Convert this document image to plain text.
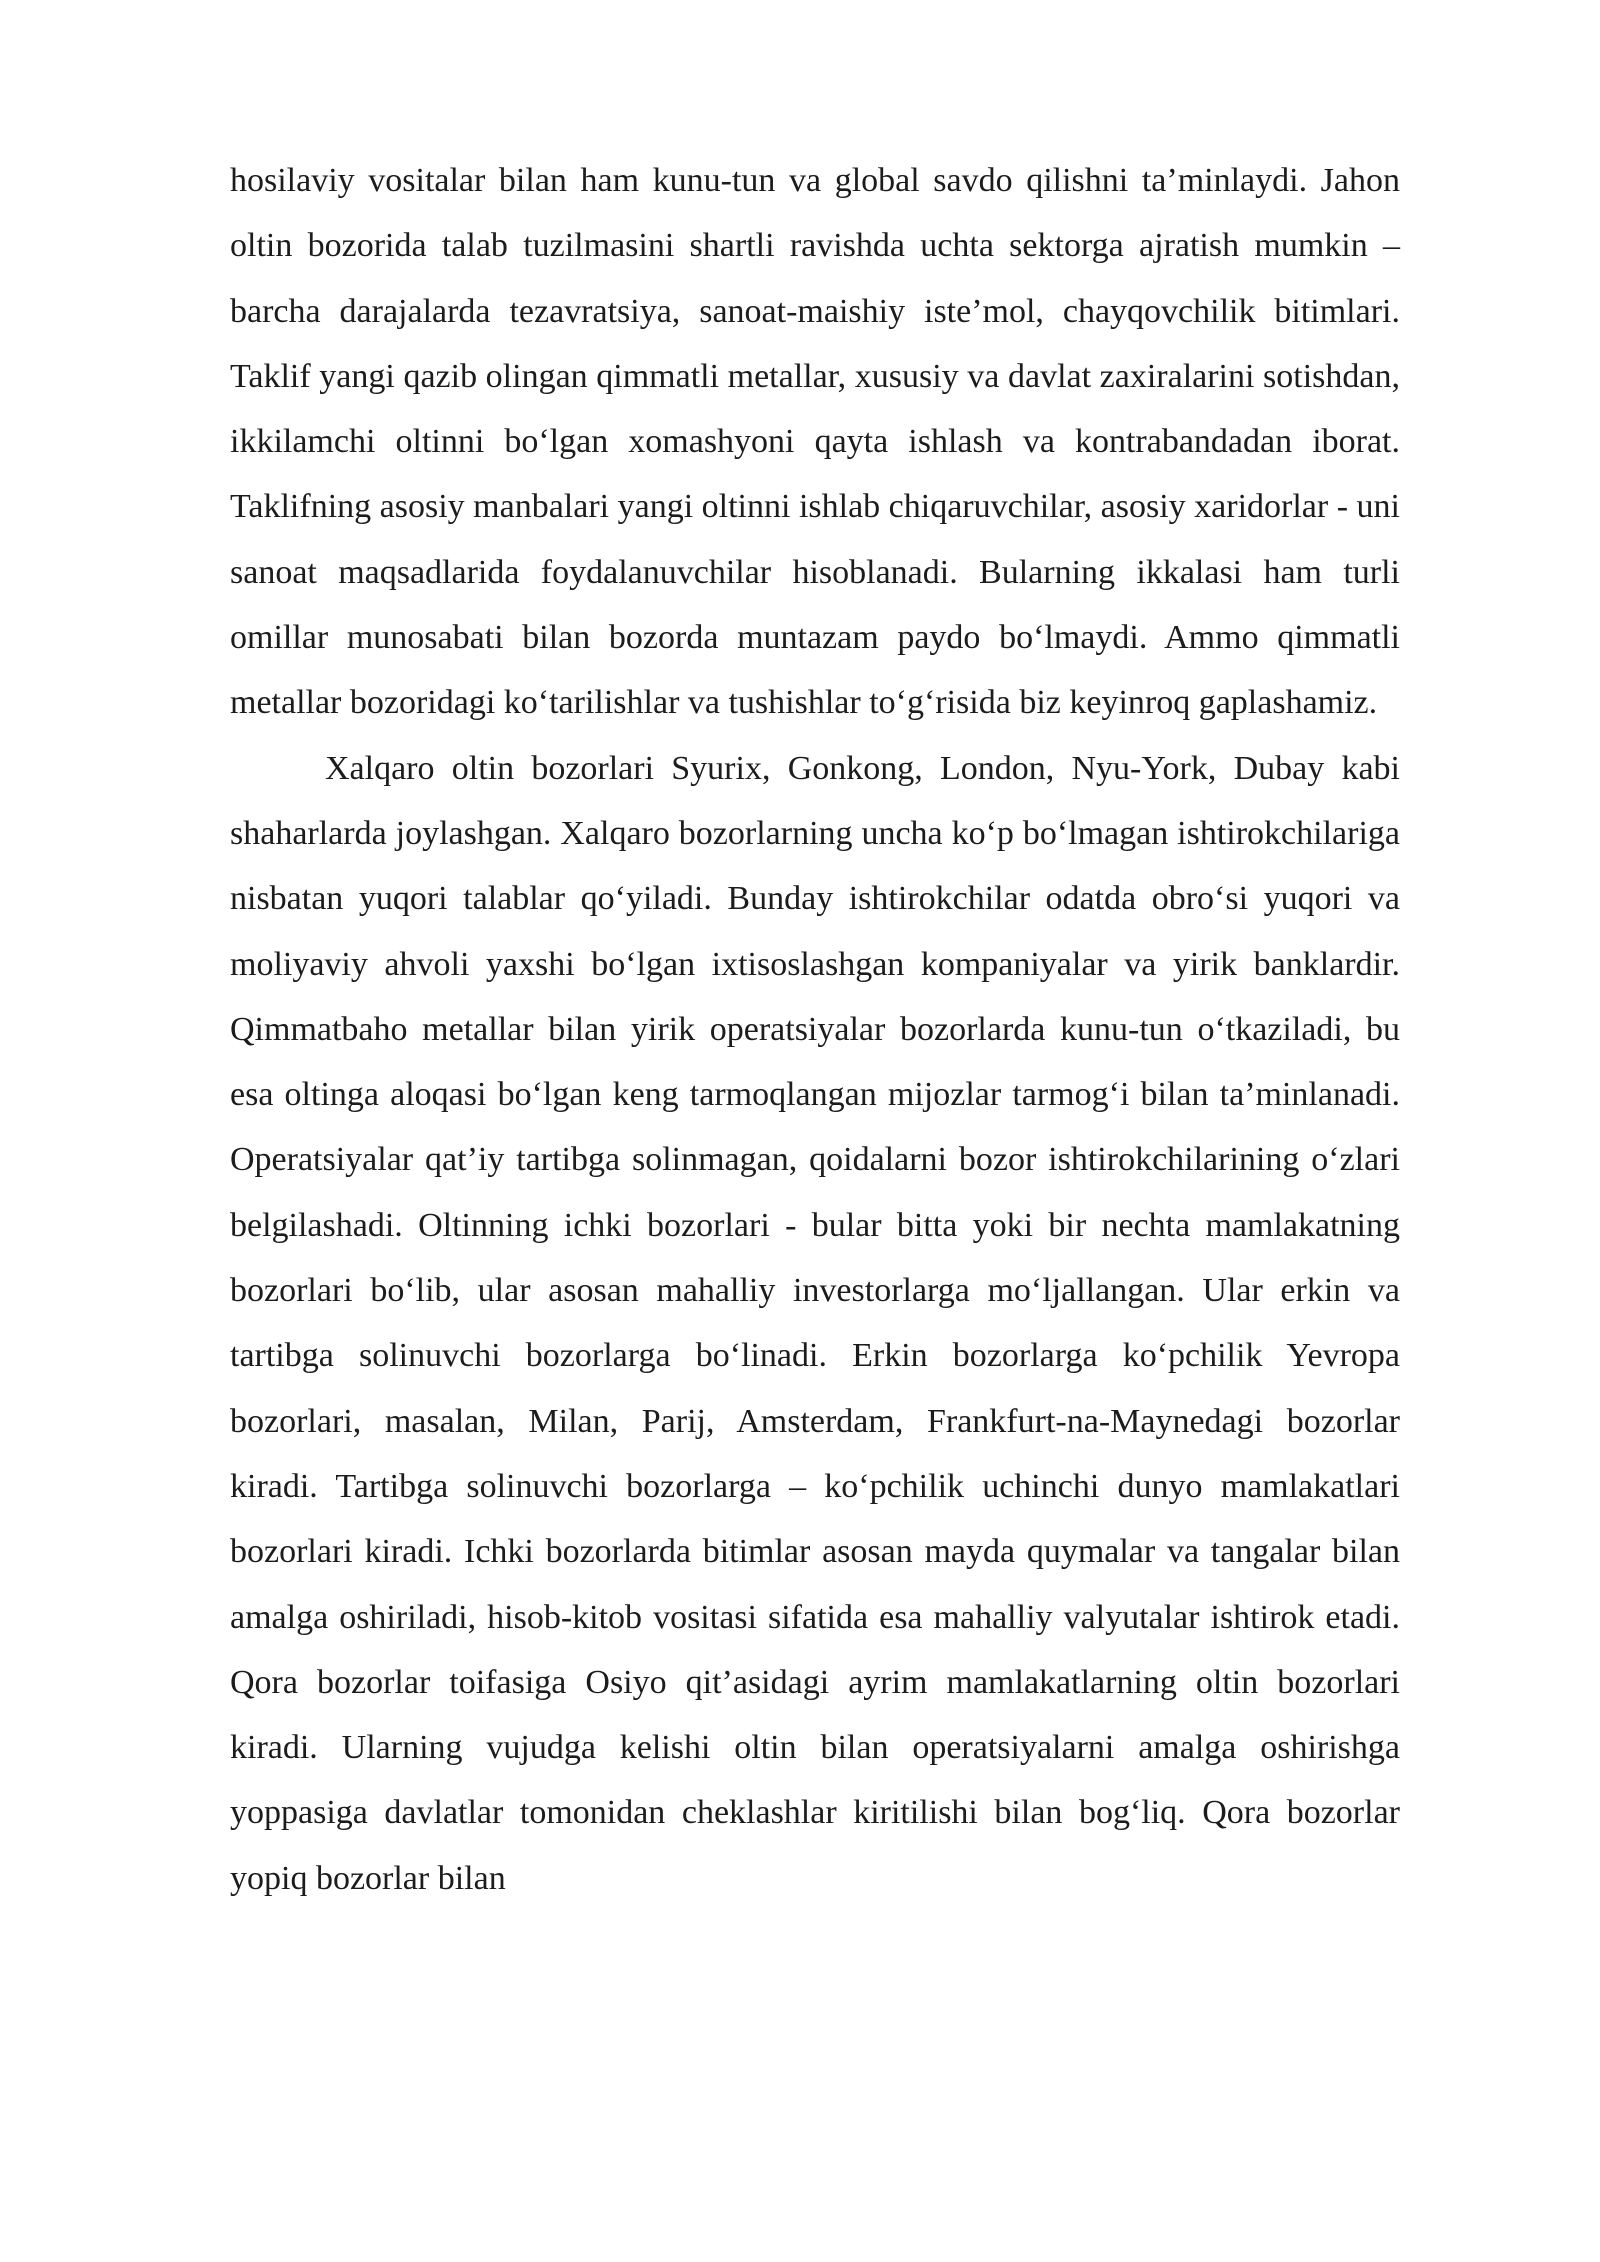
hosilaviy vositalar bilan ham kunu-tun va global savdo qilishni ta’minlaydi. Jahon oltin bozorida talab tuzilmasini shartli ravishda uchta sektorga ajratish mumkin – barcha darajalarda tezavratsiya, sanoat-maishiy iste’mol, chayqovchilik bitimlari. Taklif yangi qazib olingan qimmatli metallar, xususiy va davlat zaxiralarini sotishdan, ikkilamchi oltinni bo‘lgan xomashyoni qayta ishlash va kontrabandadan iborat. Taklifning asosiy manbalari yangi oltinni ishlab chiqaruvchilar, asosiy xaridorlar - uni sanoat maqsadlarida foydalanuvchilar hisoblanadi. Bularning ikkalasi ham turli omillar munosabati bilan bozorda muntazam paydo bo‘lmaydi. Ammo qimmatli metallar bozoridagi ko‘tarilishlar va tushishlar to‘g‘risida biz keyinroq gaplashamiz.

Xalqaro oltin bozorlari Syurix, Gonkong, London, Nyu-York, Dubay kabi shaharlarda joylashgan. Xalqaro bozorlarning uncha ko‘p bo‘lmagan ishtirokchilariga nisbatan yuqori talablar qo‘yiladi. Bunday ishtirokchilar odatda obro‘si yuqori va moliyaviy ahvoli yaxshi bo‘lgan ixtisoslashgan kompaniyalar va yirik banklardir. Qimmatbaho metallar bilan yirik operatsiyalar bozorlarda kunu-tun o‘tkaziladi, bu esa oltinga aloqasi bo‘lgan keng tarmoqlangan mijozlar tarmog‘i bilan ta’minlanadi. Operatsiyalar qat’iy tartibga solinmagan, qoidalarni bozor ishtirokchilarining o‘zlari belgilashadi. Oltinning ichki bozorlari - bular bitta yoki bir nechta mamlakatning bozorlari bo‘lib, ular asosan mahalliy investorlarga mo‘ljallangan. Ular erkin va tartibga solinuvchi bozorlarga bo‘linadi. Erkin bozorlarga ko‘pchilik Yevropa bozorlari, masalan, Milan, Parij, Amsterdam, Frankfurt-na-Maynedagi bozorlar kiradi. Tartibga solinuvchi bozorlarga – ko‘pchilik uchinchi dunyo mamlakatlari bozorlari kiradi. Ichki bozorlarda bitimlar asosan mayda quymalar va tangalar bilan amalga oshiriladi, hisob-kitob vositasi sifatida esa mahalliy valyutalar ishtirok etadi. Qora bozorlar toifasiga Osiyo qit’asidagi ayrim mamlakatlarning oltin bozorlari kiradi. Ularning vujudga kelishi oltin bilan operatsiyalarni amalga oshirishga yoppasiga davlatlar tomonidan cheklashlar kiritilishi bilan bog‘liq. Qora bozorlar yopiq bozorlar bilan
